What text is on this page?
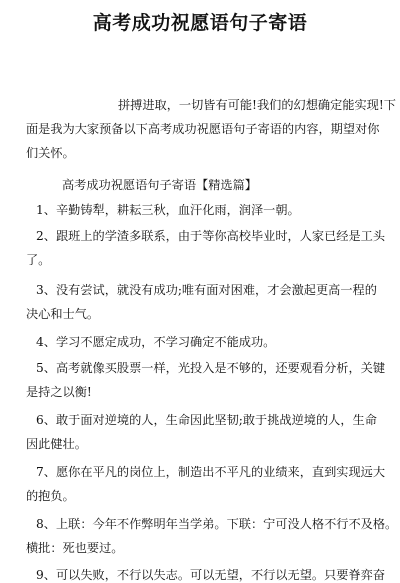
高考成功祝愿语句子寄语
拼搏进取，一切皆有可能!我们的幻想确定能实现!下
面是我为大家预备以下高考成功祝愿语句子寄语的内容，期望对你
们关怀。
高考成功祝愿语句子寄语【精选篇】
1、辛勤铸犁，耕耘三秋，血汗化雨，润泽一朝。
2、跟班上的学渣多联系，由于等你高校毕业时，人家已经是工头
了。
3、没有尝试，就没有成功;唯有面对困难，才会激起更高一程的
决心和士气。
4、学习不愿定成功，不学习确定不能成功。
5、高考就像买股票一样，光投入是不够的，还要观看分析，关键
是持之以衡!
6、敢于面对逆境的人，生命因此坚韧;敢于挑战逆境的人，生命
因此健壮。
7、愿你在平凡的岗位上，制造出不平凡的业绩来，直到实现远大
的抱负。
8、上联：今年不作弊明年当学弟。下联：宁可没人格不行不及格。
横批：死也要过。
9、可以失败，不行以失志。可以无望，不行以无望。只要脊弈奋
